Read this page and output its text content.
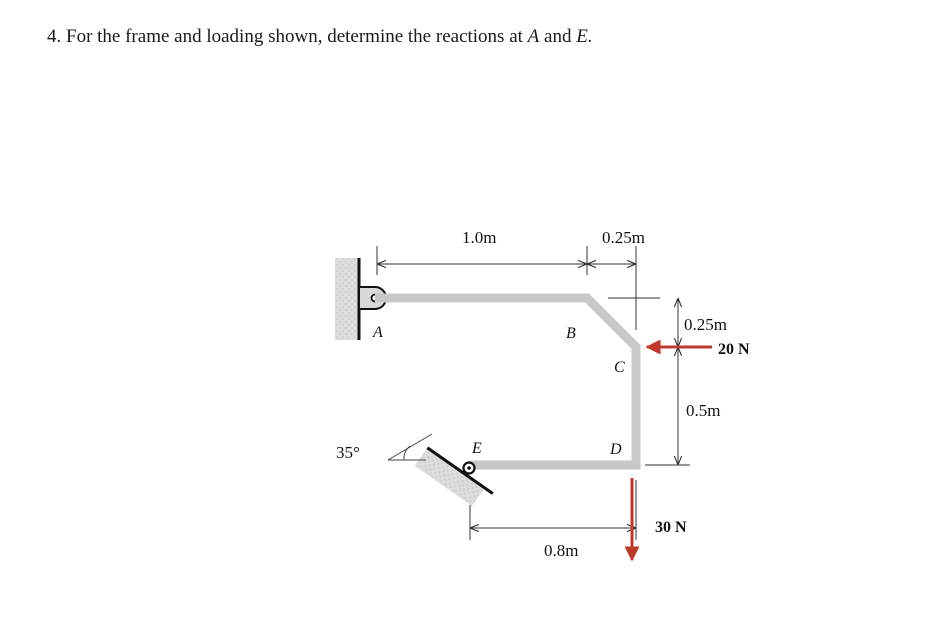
4. For the frame and loading shown, determine the reactions at A and E.
1.0m	0.25m
0.25m
0.5m
0.8m
A	B
C
D
E
35°
20 N
30 N
